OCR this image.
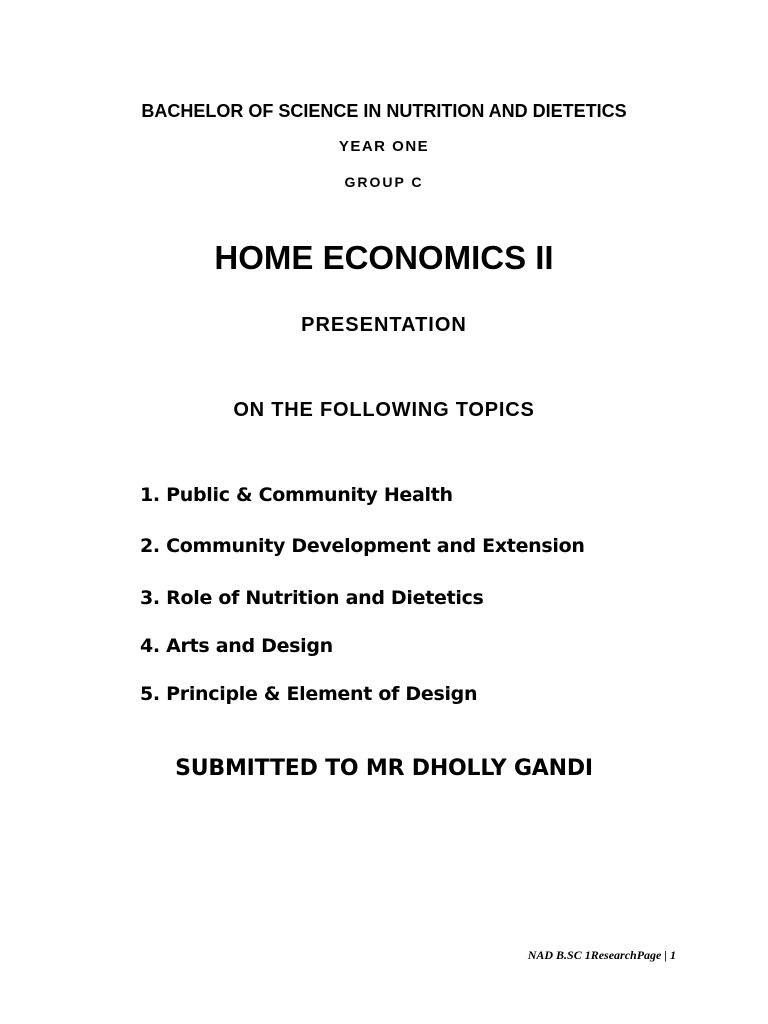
BACHELOR OF SCIENCE IN NUTRITION AND DIETETICS
YEAR ONE
GROUP C
HOME ECONOMICS II
PRESENTATION
ON THE FOLLOWING TOPICS
1. Public & Community Health
2. Community Development and Extension
3. Role of Nutrition and Dietetics
4. Arts and Design
5. Principle & Element of Design
SUBMITTED TO MR DHOLLY GANDI
NAD B.SC 1ResearchPage | 1
